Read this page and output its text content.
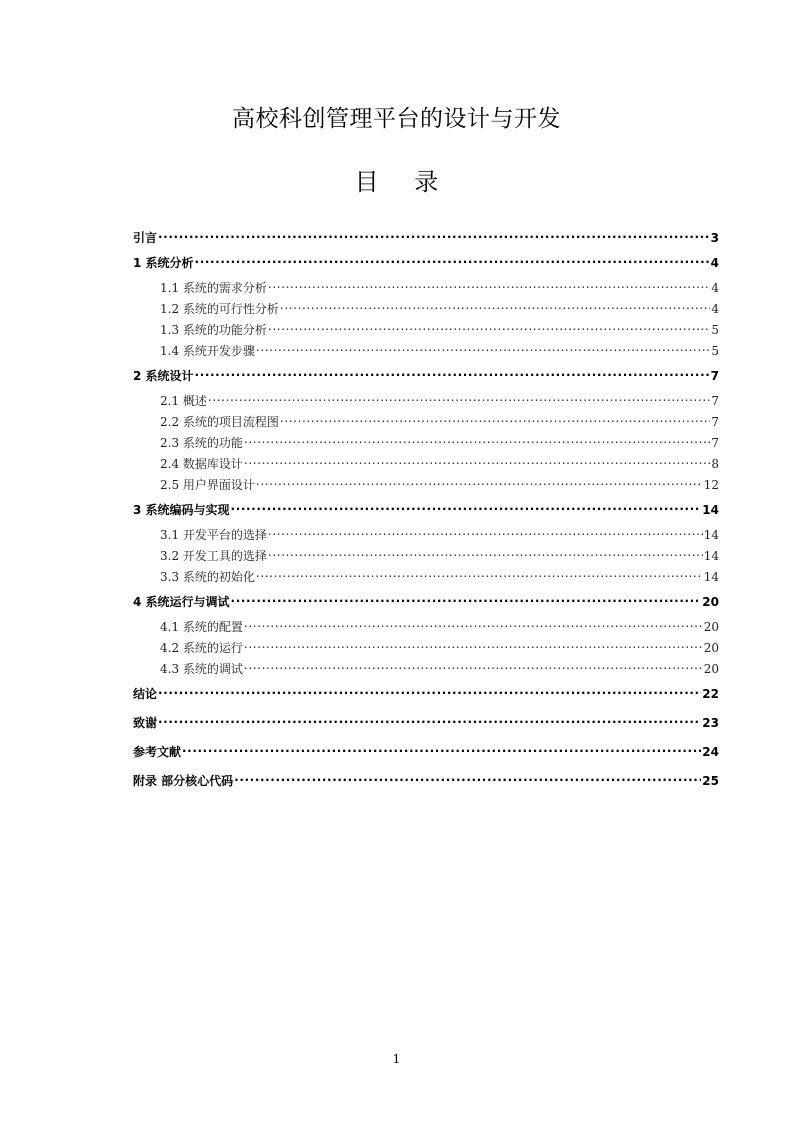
高校科创管理平台的设计与开发
目 录
引言 .....	3
1 系统分析 .....	4
1.1 系统的需求分析 .....	4
1.2 系统的可行性分析 .....	4
1.3 系统的功能分析 .....	5
1.4 系统开发步骤 .....	5
2 系统设计 .....	7
2.1 概述 .....	7
2.2 系统的项目流程图 .....	7
2.3 系统的功能 .....	7
2.4 数据库设计 .....	8
2.5 用户界面设计 .....	12
3 系统编码与实现 .....	14
3.1 开发平台的选择 .....	14
3.2 开发工具的选择 .....	14
3.3 系统的初始化 .....	14
4 系统运行与调试 .....	20
4.1 系统的配置 .....	20
4.2 系统的运行 .....	20
4.3 系统的调试 .....	20
结论 .....	22
致谢 .....	23
参考文献 .....	24
附录 部分核心代码 .....	25
1
